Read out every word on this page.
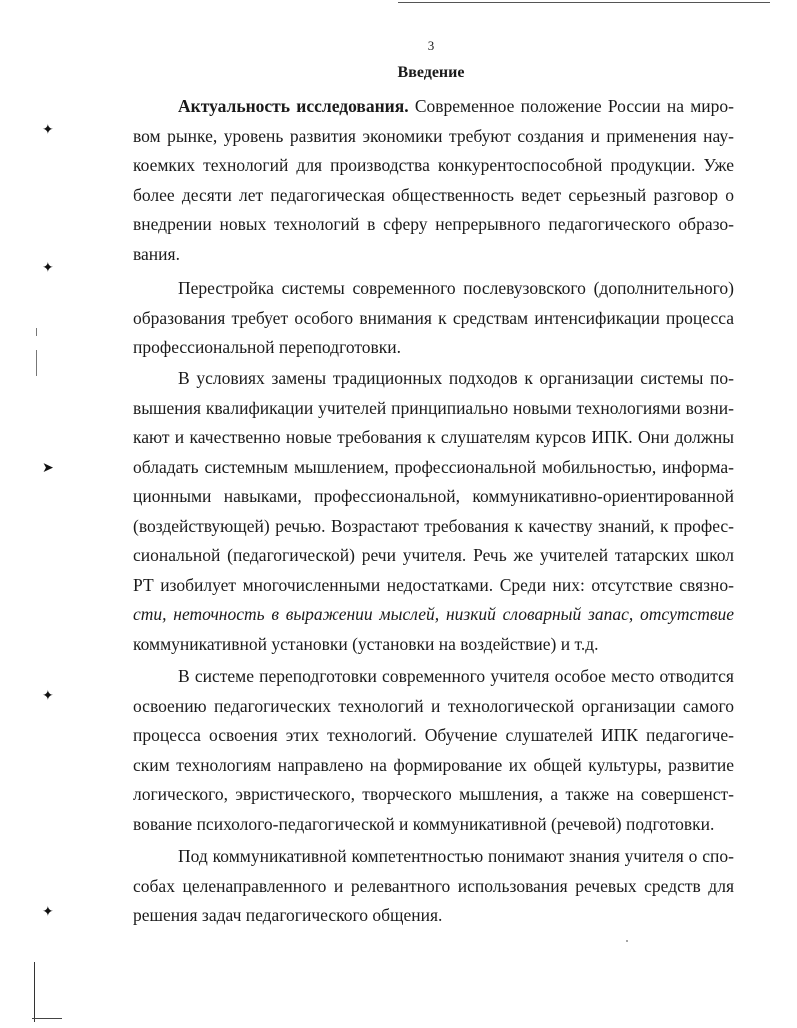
✦
✦
➤
✦
✦
3
Введение
Актуальность исследования. Современное положение России на миро-
вом рынке, уровень развития экономики требуют создания и применения нау-
коемких технологий для производства конкурентоспособной продукции. Уже
более десяти лет педагогическая общественность ведет серьезный разговор о
внедрении новых технологий в сферу непрерывного педагогического образо-
вания.
Перестройка системы современного послевузовского (дополнительного)
образования требует особого внимания к средствам интенсификации процесса
профессиональной переподготовки.
В условиях замены традиционных подходов к организации системы по-
вышения квалификации учителей принципиально новыми технологиями возни-
кают и качественно новые требования к слушателям курсов ИПК. Они должны
обладать системным мышлением, профессиональной мобильностью, информа-
ционными навыками, профессиональной, коммуникативно-ориентированной
(воздействующей) речью. Возрастают требования к качеству знаний, к профес-
сиональной (педагогической) речи учителя. Речь же учителей татарских школ
РТ изобилует многочисленными недостатками. Среди них: отсутствие связно-
сти, неточность в выражении мыслей, низкий словарный запас, отсутствие
коммуникативной установки (установки на воздействие) и т.д.
В системе переподготовки современного учителя особое место отводится
освоению педагогических технологий и технологической организации самого
процесса освоения этих технологий. Обучение слушателей ИПК педагогиче-
ским технологиям направлено на формирование их общей культуры, развитие
логического, эвристического, творческого мышления, а также на совершенст-
вование психолого-педагогической и коммуникативной (речевой) подготовки.
Под коммуникативной компетентностью понимают знания учителя о спо-
собах целенаправленного и релевантного использования речевых средств для
решения задач педагогического общения.
